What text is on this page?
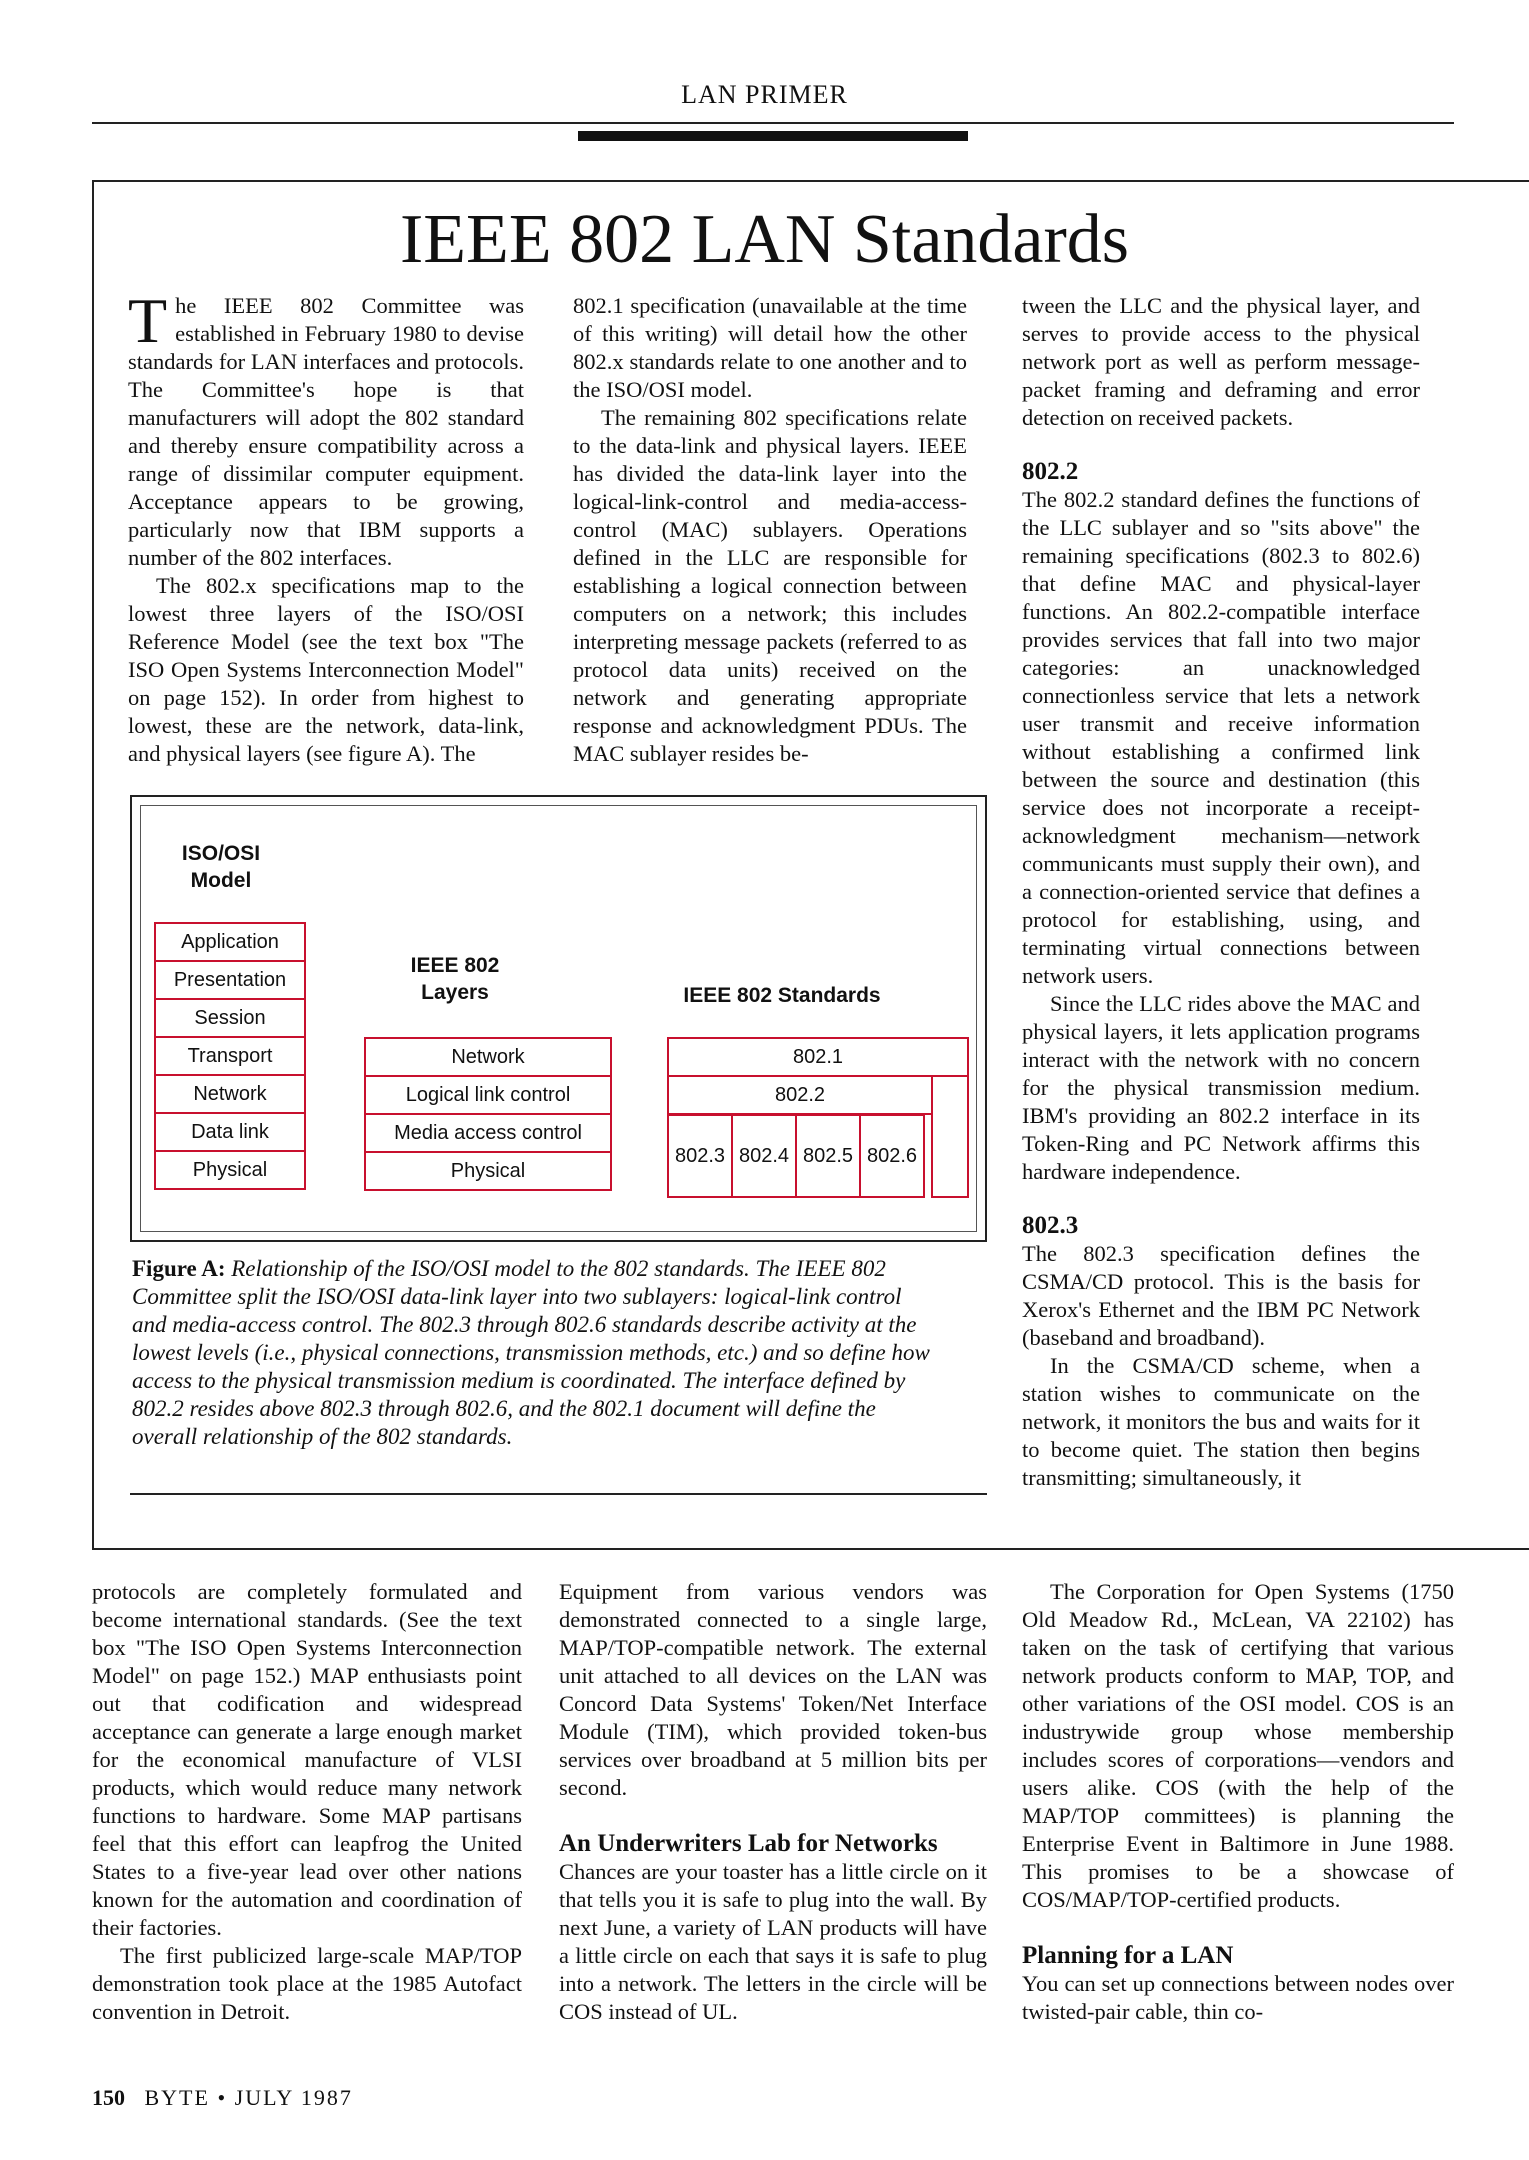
LAN PRIMER
IEEE 802 LAN Standards

The IEEE 802 Committee was established in February 1980 to devise standards for LAN interfaces and protocols. The Committee's hope is that manufacturers will adopt the 802 standard and thereby ensure compatibility across a range of dissimilar computer equipment. Acceptance appears to be growing, particularly now that IBM supports a number of the 802 interfaces.

The 802.x specifications map to the lowest three layers of the ISO/OSI Reference Model (see the text box "The ISO Open Systems Interconnection Model" on page 152). In order from highest to lowest, these are the network, data-link, and physical layers (see figure A). The

802.1 specification (unavailable at the time of this writing) will detail how the other 802.x standards relate to one another and to the ISO/OSI model.

The remaining 802 specifications relate to the data-link and physical layers. IEEE has divided the data-link layer into the logical-link-control and media-access-control (MAC) sublayers. Operations defined in the LLC are responsible for establishing a logical connection between computers on a network; this includes interpreting message packets (referred to as protocol data units) received on the network and generating appropriate response and acknowledgment PDUs. The MAC sublayer resides be-

tween the LLC and the physical layer, and serves to provide access to the physical network port as well as perform message-packet framing and deframing and error detection on received packets.

802.2

The 802.2 standard defines the functions of the LLC sublayer and so "sits above" the remaining specifications (802.3 to 802.6) that define MAC and physical-layer functions. An 802.2-compatible interface provides services that fall into two major categories: an unacknowledged connectionless service that lets a network user transmit and receive information without establishing a confirmed link between the source and destination (this service does not incorporate a receipt-acknowledgment mechanism—network communicants must supply their own), and a connection-oriented service that defines a protocol for establishing, using, and terminating virtual connections between network users.

Since the LLC rides above the MAC and physical layers, it lets application programs interact with the network with no concern for the physical transmission medium. IBM's providing an 802.2 interface in its Token-Ring and PC Network affirms this hardware independence.

802.3

The 802.3 specification defines the CSMA/CD protocol. This is the basis for Xerox's Ethernet and the IBM PC Network (baseband and broadband).

In the CSMA/CD scheme, when a station wishes to communicate on the network, it monitors the bus and waits for it to become quiet. The station then begins transmitting; simultaneously, it

ISO/OSI
Model
Application
Presentation
Session
Transport
Network
Data link
Physical
IEEE 802
Layers
Network
Logical link control
Media access control
Physical
IEEE 802 Standards
802.1
802.2
802.3 802.4 802.5 802.6
Figure A: Relationship of the ISO/OSI model to the 802 standards. The IEEE 802 Committee split the ISO/OSI data-link layer into two sublayers: logical-link control and media-access control. The 802.3 through 802.6 standards describe activity at the lowest levels (i.e., physical connections, transmission methods, etc.) and so define how access to the physical transmission medium is coordinated. The interface defined by 802.2 resides above 802.3 through 802.6, and the 802.1 document will define the overall relationship of the 802 standards.

protocols are completely formulated and become international standards. (See the text box "The ISO Open Systems Interconnection Model" on page 152.) MAP enthusiasts point out that codification and widespread acceptance can generate a large enough market for the economical manufacture of VLSI products, which would reduce many network functions to hardware. Some MAP partisans feel that this effort can leapfrog the United States to a five-year lead over other nations known for the automation and coordination of their factories.

The first publicized large-scale MAP/TOP demonstration took place at the 1985 Autofact convention in Detroit.

Equipment from various vendors was demonstrated connected to a single large, MAP/TOP-compatible network. The external unit attached to all devices on the LAN was Concord Data Systems' Token/Net Interface Module (TIM), which provided token-bus services over broadband at 5 million bits per second.

An Underwriters Lab for Networks

Chances are your toaster has a little circle on it that tells you it is safe to plug into the wall. By next June, a variety of LAN products will have a little circle on each that says it is safe to plug into a network. The letters in the circle will be COS instead of UL.

The Corporation for Open Systems (1750 Old Meadow Rd., McLean, VA 22102) has taken on the task of certifying that various network products conform to MAP, TOP, and other variations of the OSI model. COS is an industrywide group whose membership includes scores of corporations—vendors and users alike. COS (with the help of the MAP/TOP committees) is planning the Enterprise Event in Baltimore in June 1988. This promises to be a showcase of COS/MAP/TOP-certified products.

Planning for a LAN

You can set up connections between nodes over twisted-pair cable, thin co-

150 BYTE • JULY 1987
